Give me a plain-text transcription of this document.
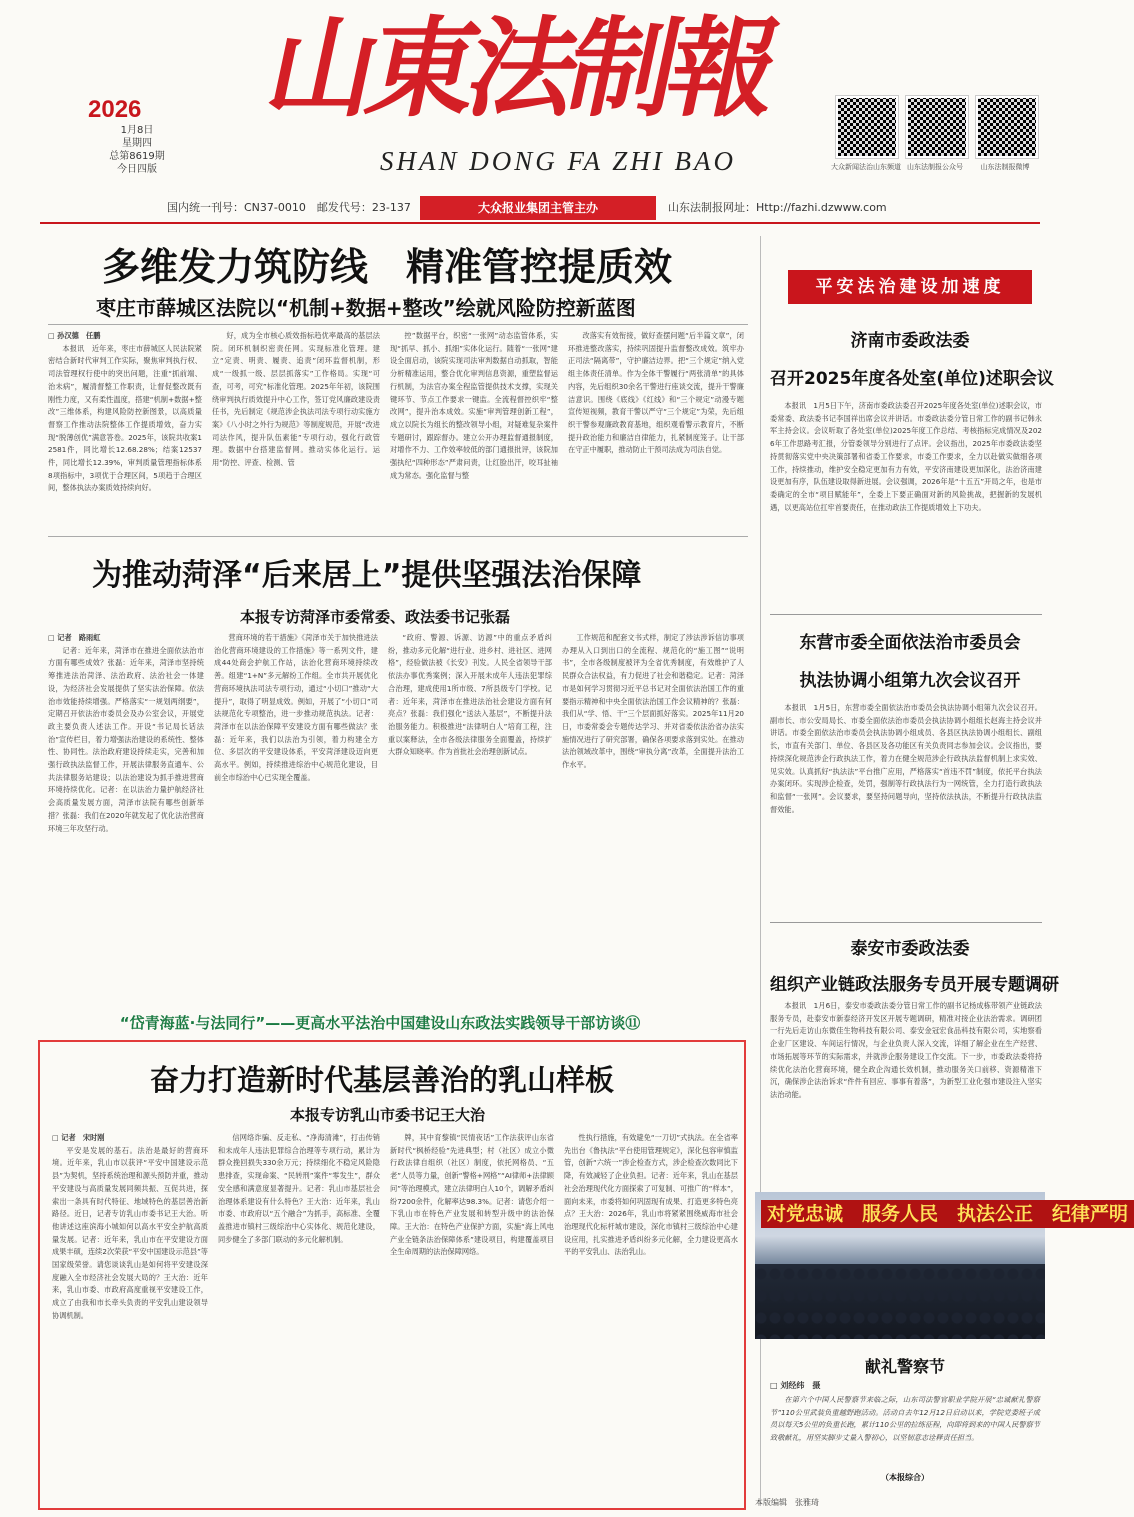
2026
1月8日
星期四
总第8619期
今日四版
山東法制報
SHAN DONG FA ZHI BAO	大众新闻法治山东频道 山东法制报公众号	山东法制报微博
国内统一刊号：CN37-0010　邮发代号：23-137	大众报业集团主管主办	山东法制报网址：Http://fazhi.dzwww.com
多维发力筑防线　精准管控提质效
枣庄市薛城区法院以“机制+数据+整改”绘就风险防控新蓝图

□ 孙汉德　任鹏

本报讯　近年来，枣庄市薛城区人民法院紧密结合新时代审判工作实际，聚焦审判执行权、司法管理权行使中的突出问题，注重“抓前端、治未病”，履清督整工作职责，让督促整改既有刚性力度，又有柔性温度，搭建“机制+数据+整改”三维体系，构建风险防控新图景，以高质量督察工作推动法院整体工作提质增效，奋力实现“脱薄创优”满意答卷。2025年，该院共收案12581件，同比增长12.68.28%；结案12537件，同比增长12.39%，审判质量管理指标体系8项指标中，3项优于合理区间，5项趋于合理区间，整体执法办案质效持续向好。

好，成为全市核心质效指标趋优率最高的基层法院。闭环机制织密责任网。实现标准化管理。建立“定责、明责、履责、追责”闭环监督机制，形成“一级抓一级、层层抓落实”工作格局。实现“可查，可考，可究”标准化管理。2025年年初，该院围绕审判执行质效提升中心工作，签订党风廉政建设责任书，先后制定《规范涉企执法司法专项行动实施方案》《八小时之外行为规范》等制度规范，开展“改进司法作风，提升队伍素能”专项行动，强化行政管理。数据中台搭建监督网。推动实体化运行。运用“防控、评查、检测、管

控”数据平台，织密“一张网”动态监管体系，实现“抓早、抓小、抓细”实体化运行。随着“一张网”建设全面启动，该院实现司法审判数据自动抓取，智能分析精准运用，整合优化审判信息资源，重塑监督运行机制，为法官办案全程监管提供技术支撑，实现关键环节、节点工作要求一键监。全流程督控织牢“整改网”，提升治本成效。实施“审判管理创新工程”，成立以院长为组长的整改领导小组，对疑难复杂案件专题研讨，跟踪督办。建立公开办理监督通报制度，对增作不力、工作效率较低的部门通报批评，该院加强执纪“四种形态”严肃问责，让红脸出汗，咬耳扯袖成为常态。强化监督与整

改落实有效衔接，做好查摆问题“后半篇文章”，闭环推进整改落实，持续巩固提升监督整改成效。筑牢办正司法“隔离带”，守护廉洁边界。把“三个规定”纳入党组主体责任清单。作为全体干警履行“两张清单”的具体内容，先后组织30余名干警进行座谈交流，提升干警廉洁意识。围绕《底线》《红线》和“三个规定”动漫专题宣传短视频，教育干警以严守“三个规定”为荣，先后组织干警参观廉政教育基地，组织观看警示教育片，不断提升政治能力和廉洁自律能力，扎紧制度笼子。让干部在守正中履职，推动防止干预司法成为司法自觉。

为推动菏泽“后来居上”提供坚强法治保障
本报专访菏泽市委常委、政法委书记张磊

□ 记者　路雨虹

记者：近年来，菏泽市在推进全面依法治市方面有哪些成效？张磊：近年来，菏泽市坚持统筹推进法治菏泽、法治政府、法治社会一体建设，为经济社会发展提供了坚实法治保障。依法治市效能持续增强。严格落实“一规划两纲要”，定期召开依法治市委员会及办公室会议，开展党政主要负责人述法工作。开设“书记局长话法治”宣传栏目，着力增强法治建设的系统性、整体性、协同性。法治政府建设持续走实，完善和加强行政执法监督工作，开展法律服务直通车、公共法律服务站建设；以法治建设为抓手推进营商环境持续优化。记者：在以法治力量护航经济社会高质量发展方面，菏泽市法院有哪些创新举措？张磊：我们在2020年就发起了优化法治营商环境三年攻坚行动。

营商环境的若干措施》《菏泽市关于加快推进法治化营商环境建设的工作措施》等一系列文件，建成44处商会护航工作站，法治化营商环境持续改善。组建“1+N”多元解纷工作组。全市共开展优化营商环境执法司法专项行动，通过“小切口”推动“大提升”，取得了明显成效。例如，开展了“小切口”司法规范化专项整治，进一步推动规范执法。记者：菏泽市在以法治保障平安建设方面有哪些做法？张磊：近年来，我们以法治为引领，着力构建全方位、多层次的平安建设体系，平安菏泽建设迈向更高水平。例如，持续推进综治中心规范化建设，目前全市综治中心已实现全覆盖。

“政府、警源、诉源、访源”中的重点矛盾纠纷，推动多元化解“进行业、进乡村、进社区、进网格”，经验做法被《长安》刊发。人民全省领导干部依法办事优秀案例；深入开展未成年人违法犯罪综合治理，建成使用1所市级、7所县级专门学校。记者：近年来，菏泽市在推进法治社会建设方面有何亮点？张磊：我们强化“送法入基层”，不断提升法治服务能力。积极推进“法律明白人”培育工程，注重以案释法，全市各级法律服务全面覆盖，持续扩大群众知晓率。作为首批社会治理创新试点。

工作规范和配套文书式样，制定了涉法涉诉信访事项办理从入口到出口的全流程、规范化的“施工图”“说明书”，全市各级制度被评为全省优秀制度，有效维护了人民群众合法权益，有力促进了社会和谐稳定。记者：菏泽市是如何学习贯彻习近平总书记对全面依法治国工作的重要指示精神和中央全面依法治国工作会议精神的？张磊：我们从“学、悟、干”三个层面抓好落实。2025年11月20日，市委常委会专题传达学习、并对省委依法治省办法实施情况进行了研究部署，确保各项要求落到实处。在推动法治领域改革中，围绕“审执分离”改革，全面提升法治工作水平。

“岱青海蓝·与法同行”——更高水平法治中国建设山东政法实践领导干部访谈⑪
奋力打造新时代基层善治的乳山样板
本报专访乳山市委书记王大治

□ 记者　宋时刚

平安是发展的基石。法治是最好的营商环境。近年来，乳山市以获评“平安中国建设示范县”为契机，坚持系统治理和源头预防并重，推动平安建设与高质量发展同频共振、互促共进，探索出一条具有时代特征、地域特色的基层善治新路径。近日，记者专访乳山市委书记王大治。听他讲述这座滨海小城如何以高水平安全护航高质量发展。记者：近年来，乳山市在平安建设方面成果丰硕，连续2次荣获“平安中国建设示范县”等国家级荣誉。请您谈谈乳山是如何将平安建设深度融入全市经济社会发展大局的？王大治：近年来，乳山市委、市政府高度重视平安建设工作，成立了由我和市长牵头负责的平安乳山建设领导协调机制。

信网络诈骗、反走私、“净海清滩”，打击传销和未成年人违法犯罪综合治理等专项行动，累计为群众挽回损失330余万元；持续细化不稳定风险隐患排查，实现命案、“民转刑”案件“零发生”，群众安全感和满意度显著提升。记者：乳山市基层社会治理体系建设有什么特色？王大治：近年来，乳山市委、市政府以“五个融合”为抓手，高标准、全覆盖推进市镇村三级综治中心实体化、规范化建设，同步健全了多部门联动的多元化解机制。

牌，其中育黎镇“民情夜话”工作法获评山东省新时代“枫桥经验”先进典型；村（社区）成立小微行政法律自组织（社区）制度，依托网格员、“五老”人员等力量，创新“警格+网格”“AI律师+法律顾问”等治理模式，建立法律明白人10个，调解矛盾纠纷7200余件，化解率达98.3%。记者：请您介绍一下乳山市在特色产业发展和转型升级中的法治保障。王大治：在特色产业保护方面，实施“海上风电产业全链条法治保障体系”建设项目，构建覆盖项目全生命周期的法治保障网络。

性执行措施，有效避免“一刀切”式执法。在全省率先出台《鲁执法“平台使用管理规定》，深化包容审慎监管，创新“六统一”涉企检查方式，涉企检查次数同比下降，有效减轻了企业负担。记者：近年来，乳山在基层社会治理现代化方面探索了可复制、可推广的“样本”，面向未来，市委将如何巩固现有成果、打造更多特色亮点？王大治：2026年，乳山市将紧紧围绕威海市社会治理现代化标杆城市建设，深化市镇村三级综治中心建设应用，扎实推进矛盾纠纷多元化解，全力建设更高水平的平安乳山、法治乳山。

平安法治建设加速度
济南市委政法委
召开2025年度各处室(单位)述职会议

本报讯　1月5日下午，济南市委政法委召开2025年度各处室(单位)述职会议，市委常委、政法委书记李国祥出席会议并讲话。市委政法委分管日常工作的副书记韩永军主持会议。会议听取了各处室(单位)2025年度工作总结、考核指标完成情况及2026年工作思路考汇报，分管委领导分别进行了点评。会议指出，2025年市委政法委坚持贯彻落实党中央决策部署和省委工作要求，市委工作要求，全力以赴做实做细各项工作，持续推动，维护安全稳定更加有力有效，平安济南建设更加深化，法治济南建设更加有序，队伍建设取得新进展。会议强调，2026年是“十五五”开局之年，也是市委确定的全市“项目赋能年”，全委上下要正确面对新的风险挑战，把握新的发展机遇，以更高站位扛牢首要责任，在推动政法工作提质增效上下功夫。

东营市委全面依法治市委员会
执法协调小组第九次会议召开

本报讯　1月5日，东营市委全面依法治市委员会执法协调小组第九次会议召开。副市长、市公安局局长、市委全面依法治市委员会执法协调小组组长赵海主持会议并讲话。市委全面依法治市委员会执法协调小组成员、各县区执法协调小组组长、副组长，市直有关部门、单位、各县区及各功能区有关负责同志参加会议。会议指出，要持续深化规范涉企行政执法工作，着力在健全规范涉企行政执法监督机制上求实效、见实效。认真抓好“执法法”平台推广应用，严格落实“首违不罚”制度，依托平台执法办案闭环。实现涉企检查，处罚，强制等行政执法行为一网统管，全力打造行政执法和监督“一张网”。会议要求，要坚持问题导向，坚持依法执法，不断提升行政执法监督效能。

泰安市委政法委
组织产业链政法服务专员开展专题调研

本报讯　1月6日，泰安市委政法委分管日常工作的副书记杨成栋带领产业链政法服务专员，赴泰安市新泰经济开发区开展专题调研，精准对接企业法治需求。调研团一行先后走访山东微佳生物科技有限公司、泰安金冠宏食品科技有限公司，实地察看企业厂区建设、车间运行情况，与企业负责人深入交流，详细了解企业在生产经营、市场拓展等环节的实际需求，并就涉企服务建设工作交流。下一步，市委政法委将持续优化法治化营商环境，健全政企沟通长效机制，推动服务关口前移、资源精准下沉，确保涉企法治诉求“件件有回应、事事有着落”，为新型工业化强市建设注入坚实法治动能。

对党忠诚　服务人民　执法公正　纪律严明
献礼警察节
□ 刘经纬　摄

在第六个中国人民警察节来临之际，山东司法警官职业学院开展“忠诚献礼警察节”110公里武装负重越野跑活动。活动自去年12月12日启动以来，学院党委班子成员以每天5公里的负重长跑，累计110公里的拉练征程，向即将到来的中国人民警察节致敬献礼，用坚实脚步丈量入警初心，以坚韧意志诠释责任担当。

（本报综合）
本版编辑　张雅琦
